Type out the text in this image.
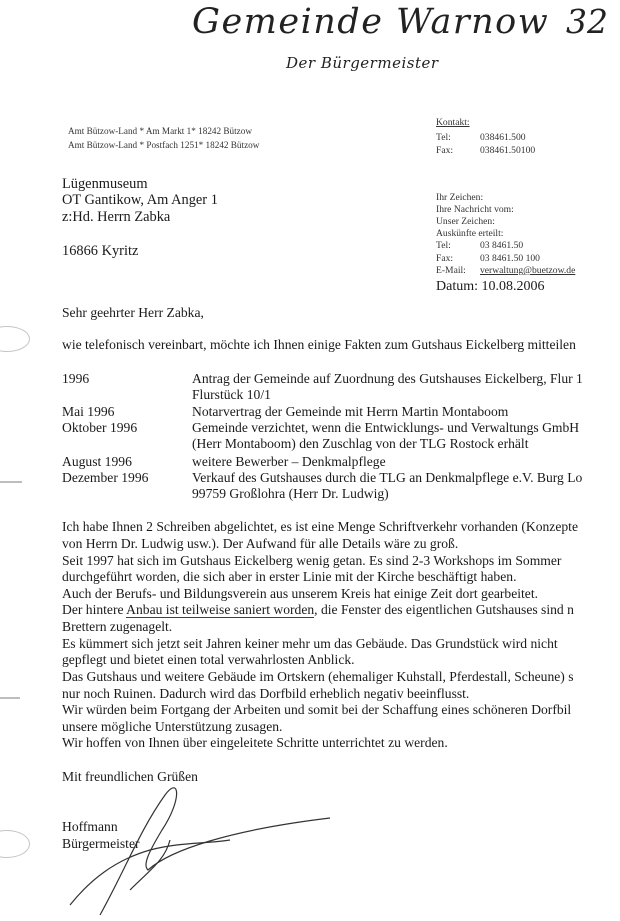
Gemeinde Warnow 32
Der Bürgermeister
Amt Bützow-Land * Am Markt 1* 18242 Bützow
Amt Bützow-Land * Postfach 1251* 18242 Bützow
Kontakt:
Tel:	038461.500
Fax:	038461.50100
Lügenmuseum
OT Gantikow, Am Anger 1
z:Hd. Herrn Zabka
16866 Kyritz
Ihr Zeichen:
Ihre Nachricht vom:
Unser Zeichen:
Auskünfte erteilt:
Tel:	03 8461.50
Fax:	03 8461.50 100
E-Mail: verwaltung@buetzow.de
Datum: 10.08.2006
Sehr geehrter Herr Zabka,
wie telefonisch vereinbart, möchte ich Ihnen einige Fakten zum Gutshaus Eickelberg mitteilen
1996	Antrag der Gemeinde auf Zuordnung des Gutshauses Eickelberg, Flur 1
Flurstück 10/1
Mai 1996	Notarvertrag der Gemeinde mit Herrn Martin Montaboom
Oktober 1996	Gemeinde verzichtet, wenn die Entwicklungs- und Verwaltungs GmbH
(Herr Montaboom) den Zuschlag von der TLG Rostock erhält
August 1996	weitere Bewerber – Denkmalpflege
Dezember 1996	Verkauf des Gutshauses durch die TLG an Denkmalpflege e.V. Burg Lo
99759 Großlohra (Herr Dr. Ludwig)
Ich habe Ihnen 2 Schreiben abgelichtet, es ist eine Menge Schriftverkehr vorhanden (Konzepte
von Herrn Dr. Ludwig usw.). Der Aufwand für alle Details wäre zu groß.
Seit 1997 hat sich im Gutshaus Eickelberg wenig getan. Es sind 2-3 Workshops im Sommer
durchgeführt worden, die sich aber in erster Linie mit der Kirche beschäftigt haben.
Auch der Berufs- und Bildungsverein aus unserem Kreis hat einige Zeit dort gearbeitet.
Der hintere Anbau ist teilweise saniert worden, die Fenster des eigentlichen Gutshauses sind n
Brettern zugenagelt.
Es kümmert sich jetzt seit Jahren keiner mehr um das Gebäude. Das Grundstück wird nicht
gepflegt und bietet einen total verwahrlosten Anblick.
Das Gutshaus und weitere Gebäude im Ortskern (ehemaliger Kuhstall, Pferdestall, Scheune) s
nur noch Ruinen. Dadurch wird das Dorfbild erheblich negativ beeinflusst.
Wir würden beim Fortgang der Arbeiten und somit bei der Schaffung eines schöneren Dorfbil
unsere mögliche Unterstützung zusagen.
Wir hoffen von Ihnen über eingeleitete Schritte unterrichtet zu werden.
Mit freundlichen Grüßen
Hoffmann
Bürgermeister
